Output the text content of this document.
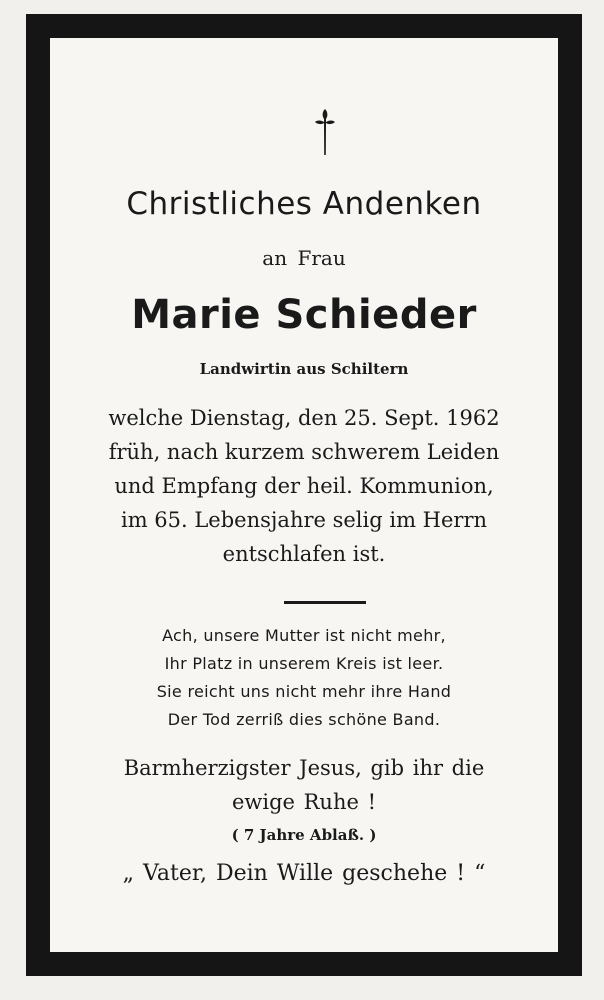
Christliches Andenken
an Frau
Marie Schieder
Landwirtin aus Schiltern
welche Dienstag, den 25. Sept. 1962
früh, nach kurzem schwerem Leiden
und Empfang der heil. Kommunion,
im 65. Lebensjahre selig im Herrn
entschlafen ist.
Ach, unsere Mutter ist nicht mehr,
Ihr Platz in unserem Kreis ist leer.
Sie reicht uns nicht mehr ihre Hand
Der Tod zerriß dies schöne Band.
Barmherzigster Jesus, gib ihr die
ewige Ruhe !
( 7 Jahre Ablaß. )
„ Vater, Dein Wille geschehe ! “
